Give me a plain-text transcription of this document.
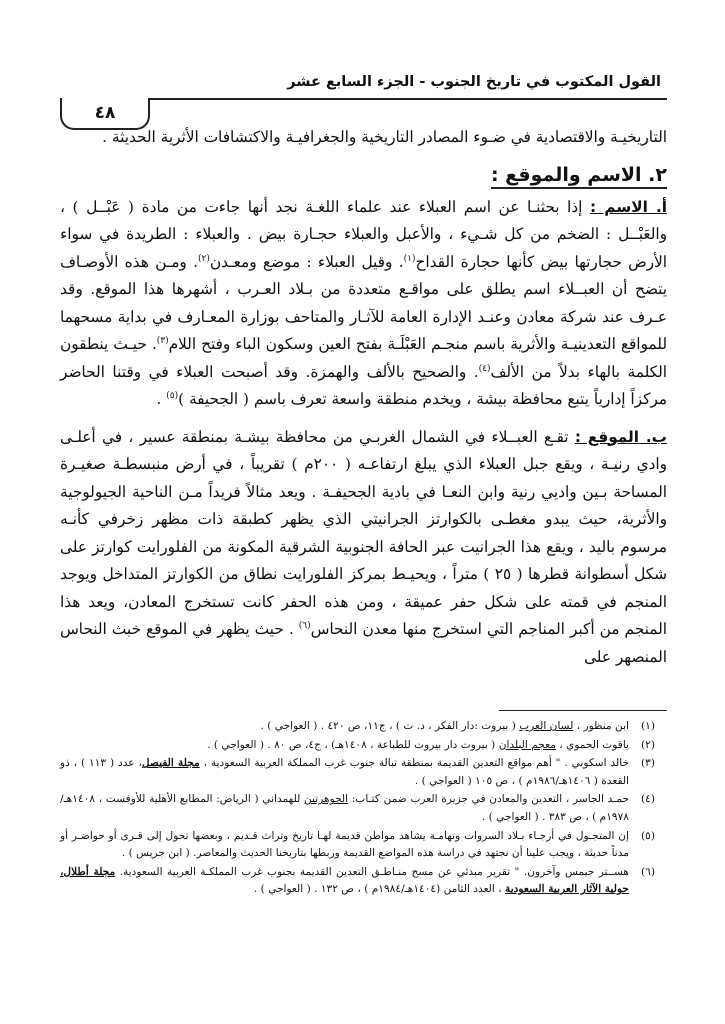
القول المكتوب في تاريخ الجنوب - الجزء السابع عشر
٤٨

التاريخيـة والاقتصادية في ضـوء المصادر التاريخية والجغرافيـة والاكتشافات الأثرية الحديثة .

٢. الاسم والموقع :

أ. الاسم : إذا بحثنـا عن اسم العبلاء عند علماء اللغـة نجد أنها جاءت من مادة ( عَبْــل ) ، والعَبْــل : الضخم من كل شـيء ، والأعبل والعبلاء حجـارة بيض . والعبلاء : الطريدة في سواء الأرض حجارتها بيض كأنها حجارة القداح$^{(١)}$. وقيل العبلاء : موضع ومعـدن$^{(٢)}$. ومـن هذه الأوصـاف يتضح أن العبــلاء اسم يطلق على مواقـع متعددة من بـلاد العـرب ، أشهرها هذا الموقع. وقد عـرف عند شركة معادن وعنـد الإدارة العامة للآثـار والمتاحف بوزارة المعـارف في بداية مسحهما للمواقع التعدينيـة والأثرية باسم منجـم العَبْلَـة بفتح العين وسكون الباء وفتح اللام$^{(٣)}$. حيـث ينطقون الكلمة بالهاء بدلاً من الألف$^{(٤)}$. والصحيح بالألف والهمزة. وقد أصبحت العبلاء في وقتنا الحاضر مركزاً إدارياً يتبع محافظة بيشة ، ويخدم منطقة واسعة تعرف باسم ( الجحيفة )$^{(٥)}$ .

ب. الموقع : تقـع العبــلاء في الشمال الغربـي من محافظة بيشـة بمنطقة عسير ، في أعلـى وادي رنيـة ، ويقع جبل العبلاء الذي يبلغ ارتفاعـه ( ٢٠٠م ) تقريباً ، في أرض منبسطـة صغيـرة المساحة بـين واديي رنية وابن النعـا في بادية الجحيفـة . ويعد مثالاً فريداً مـن الناحية الجيولوجية والأثرية، حيث يبدو مغطـى بالكوارتز الجرانيتي الذي يظهر كطبقة ذات مظهر زخرفي كأنـه مرسوم باليد ، ويقع هذا الجرانيت عبر الحافة الجنوبية الشرقية المكونة من الفلورايت كوارتز على شكل أسطوانة قطرها ( ٢٥ ) متراً ، ويحيـط بمركز الفلورايت نطاق من الكوارتز المتداخل ويوجد المنجم في قمته على شكل حفر عميقة ، ومن هذه الحفر كانت تستخرج المعادن، ويعد هذا المنجم من أكبر المناجم التي استخرج منها معدن النحاس$^{(٦)}$ . حيث يظهر في الموقع خبث النحاس المنصهر على

(١)
ابن منظور ، لسان العرب ( بيروت :دار الفكر ، د. ت ) ، ج١١، ص ٤٢٠ . ( العواجي ) .
(٢)
ياقوت الحموي ، معجم البلدان ( بيروت دار بيروت للطباعة ، ١٤٠٨هـ) ، ج٤، ص ٨٠ . ( العواجي ) .
(٣)
خالد اسكوبي . " أهم مواقع التعدين القديمة بمنطقة تبالة جنوب غرب المملكة العربية السعودية ، مجلة الفيصل، عدد ( ١١٣ ) ، ذو القعدة ( ١٤٠٦هـ/١٩٨٦م ) ، ص ١٠٥ ( العواجي ) .
(٤)
حمـد الجاسر ، التعدين والمعادن في جزيرة العرب ضمن كتـاب: الجوهرتين للهمداني ( الرياض: المطابع الأهلية للأوفست ، ١٤٠٨هـ/١٩٧٨م ) ، ص ٣٨٣ . ( العواجي ) .
(٥)
إن المتجـول في أرجـاء بـلاد السروات وتهامـة يشاهد مواطن قديمة لهـا تاريخ وتراث قـديم ، وبعضها تحول إلى قـرى أو حواضـر أو مدناً حديثة ، ويجب علينا أن نجتهد في دراسة هذه المواضع القديمة وربطها بتاريخنا الحديث والمعاصر. ( ابن جريس ) .
(٦)
هســتر جيمس وآخرون. " تقرير مبدئي عن مسح منـاطـق التعدين القديمة بجنوب غرب المملكـة العربية السعودية. مجلة أطلال، حولية الآثار العربية السعودية ، العدد الثامن (١٤٠٤هـ/١٩٨٤م ) ، ص ١٣٢ . ( العواجي ) .
